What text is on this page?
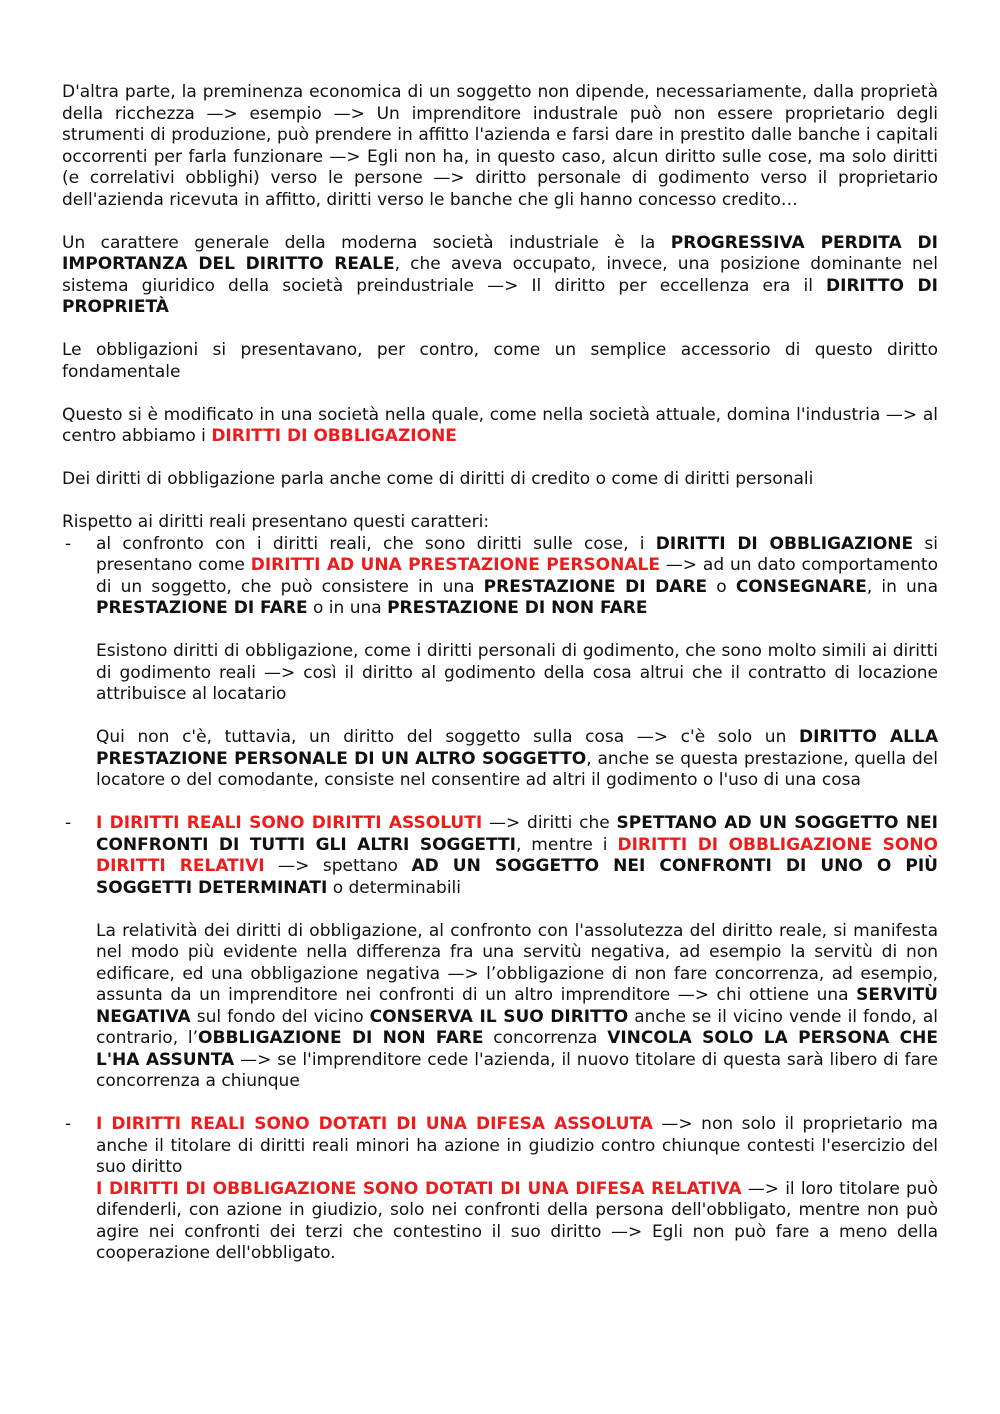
D'altra parte, la preminenza economica di un soggetto non dipende, necessariamente, dalla proprietà della ricchezza —> esempio —> Un imprenditore industrale può non essere proprietario degli strumenti di produzione, può prendere in affitto l'azienda e farsi dare in prestito dalle banche i capitali occorrenti per farla funzionare —> Egli non ha, in questo caso, alcun diritto sulle cose, ma solo diritti (e correlativi obblighi) verso le persone —> diritto personale di godimento verso il proprietario dell'azienda ricevuta in affitto, diritti verso le banche che gli hanno concesso credito…

Un carattere generale della moderna società industriale è la PROGRESSIVA PERDITA DI IMPORTANZA DEL DIRITTO REALE, che aveva occupato, invece, una posizione dominante nel sistema giuridico della società preindustriale —> Il diritto per eccellenza era il DIRITTO DI PROPRIETÀ

Le obbligazioni si presentavano, per contro, come un semplice accessorio di questo diritto fondamentale

Questo si è modificato in una società nella quale, come nella società attuale, domina l'industria —> al centro abbiamo i DIRITTI DI OBBLIGAZIONE

Dei diritti di obbligazione parla anche come di diritti di credito o come di diritti personali

Rispetto ai diritti reali presentano questi caratteri:

- al confronto con i diritti reali, che sono diritti sulle cose, i DIRITTI DI OBBLIGAZIONE si presentano come DIRITTI AD UNA PRESTAZIONE PERSONALE —> ad un dato comportamento di un soggetto, che può consistere in una PRESTAZIONE DI DARE o CONSEGNARE, in una PRESTAZIONE DI FARE o in una PRESTAZIONE DI NON FARE

Esistono diritti di obbligazione, come i diritti personali di godimento, che sono molto simili ai diritti di godimento reali —> così il diritto al godimento della cosa altrui che il contratto di locazione attribuisce al locatario

Qui non c'è, tuttavia, un diritto del soggetto sulla cosa —> c'è solo un DIRITTO ALLA PRESTAZIONE PERSONALE DI UN ALTRO SOGGETTO, anche se questa prestazione, quella del locatore o del comodante, consiste nel consentire ad altri il godimento o l'uso di una cosa

- I DIRITTI REALI SONO DIRITTI ASSOLUTI —> diritti che SPETTANO AD UN SOGGETTO NEI CONFRONTI DI TUTTI GLI ALTRI SOGGETTI, mentre i DIRITTI DI OBBLIGAZIONE SONO DIRITTI RELATIVI —> spettano AD UN SOGGETTO NEI CONFRONTI DI UNO O PIÙ SOGGETTI DETERMINATI o determinabili

La relatività dei diritti di obbligazione, al confronto con l'assolutezza del diritto reale, si manifesta nel modo più evidente nella differenza fra una servitù negativa, ad esempio la servitù di non edificare, ed una obbligazione negativa —> l’obbligazione di non fare concorrenza, ad esempio, assunta da un imprenditore nei confronti di un altro imprenditore —> chi ottiene una SERVITÙ NEGATIVA sul fondo del vicino CONSERVA IL SUO DIRITTO anche se il vicino vende il fondo, al contrario, l’OBBLIGAZIONE DI NON FARE concorrenza VINCOLA SOLO LA PERSONA CHE L'HA ASSUNTA —> se l'imprenditore cede l'azienda, il nuovo titolare di questa sarà libero di fare concorrenza a chiunque

- I DIRITTI REALI SONO DOTATI DI UNA DIFESA ASSOLUTA —> non solo il proprietario ma anche il titolare di diritti reali minori ha azione in giudizio contro chiunque contesti l'esercizio del suo diritto

I DIRITTI DI OBBLIGAZIONE SONO DOTATI DI UNA DIFESA RELATIVA —> il loro titolare può difenderli, con azione in giudizio, solo nei confronti della persona dell'obbligato, mentre non può agire nei confronti dei terzi che contestino il suo diritto —> Egli non può fare a meno della cooperazione dell'obbligato.
